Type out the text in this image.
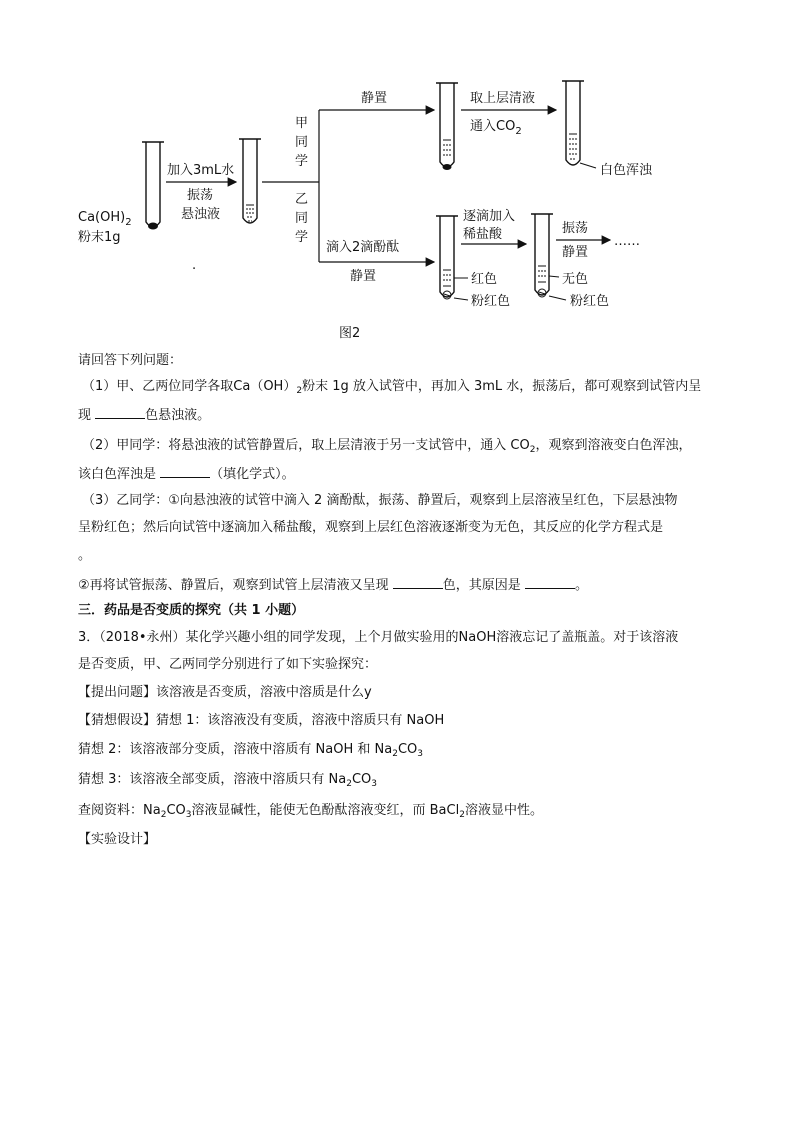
$Ca(OH)_2$
粉末1g
加入3mL水
振荡
悬浊液
甲
同
学
乙
同
学
静置	取上层清液
通入$CO_2$
白色浑浊
滴入2滴酚酞
静置
.
红色
粉红色
逐滴加入
稀盐酸
无色
粉红色
振荡
静置
……
图2
请回答下列问题：
（1）甲、乙两位同学各取$Ca(OH)_2$粉末 1g 放入试管中，再加入 3mL 水，振荡后，都可观察到试管内呈
现	色悬浊液。
（2）甲同学：将悬浊液的试管静置后，取上层清液于另一支试管中，通入 $CO_2$，观察到溶液变白色浑浊，
该白色浑浊是	（填化学式）。
（3）乙同学：①向悬浊液的试管中滴入 2 滴酚酞，振荡、静置后，观察到上层溶液呈红色，下层悬浊物
呈粉红色；然后向试管中逐滴加入稀盐酸，观察到上层红色溶液逐渐变为无色，其反应的化学方程式是
。
②再将试管振荡、静置后，观察到试管上层清液又呈现	色，其原因是	。
三．药品是否变质的探究（共 1 小题）
3．（2018•永州）某化学兴趣小组的同学发现，上个月做实验用的NaOH溶液忘记了盖瓶盖。对于该溶液
是否变质，甲、乙两同学分别进行了如下实验探究：
【提出问题】该溶液是否变质，溶液中溶质是什么y
【猜想假设】猜想 1：该溶液没有变质，溶液中溶质只有 NaOH
猜想 2：该溶液部分变质，溶液中溶质有 NaOH 和 $Na_2CO_3$
猜想 3：该溶液全部变质，溶液中溶质只有 $Na_2CO_3$
查阅资料：$Na_2CO_3$溶液显碱性，能使无色酚酞溶液变红，而 BaCl$_2$溶液显中性。
【实验设计】
